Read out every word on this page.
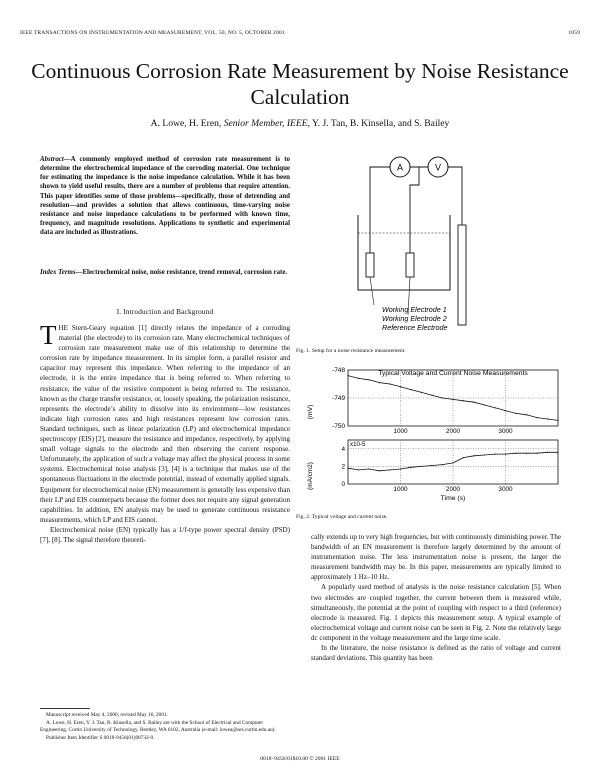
IEEE TRANSACTIONS ON INSTRUMENTATION AND MEASUREMENT, VOL. 50, NO. 5, OCTOBER 2001	1059
Continuous Corrosion Rate Measurement by Noise Resistance Calculation
A. Lowe, H. Eren, Senior Member, IEEE, Y. J. Tan, B. Kinsella, and S. Bailey
Abstract—A commonly employed method of corrosion rate measurement is to determine the electrochemical impedance of the corroding material. One technique for estimating the impedance is the noise impedance calculation. While it has been shown to yield useful results, there are a number of problems that require attention. This paper identifies some of those problems—specifically, those of detrending and resolution—and provides a solution that allows continuous, time-varying noise resistance and noise impedance calculations to be performed with known time, frequency, and magnitude resolutions. Applications to synthetic and experimental data are included as illustrations.
Index Terms—Electrochemical noise, noise resistance, trend removal, corrosion rate.
I. Introduction and Background

THE Stern-Geary equation [1] directly relates the impedance of a corroding material (the electrode) to its corrosion rate. Many electrochemical techniques of corrosion rate measurement make use of this relationship to determine the corrosion rate by impedance measurement. In its simpler form, a parallel resistor and capacitor may represent this impedance. When referring to the impedance of an electrode, it is the entire impedance that is being referred to. When referring to resistance, the value of the resistive component is being referred to. The resistance, known as the charge transfer resistance, or, loosely speaking, the polarization resistance, represents the electrode’s ability to dissolve into its environment—low resistances indicate high corrosion rates and high resistances represent low corrosion rates. Standard techniques, such as linear polarization (LP) and electrochemical impedance spectroscopy (EIS) [2], measure the resistance and impedance, respectively, by applying small voltage signals to the electrode and then observing the current response. Unfortunately, the application of such a voltage may affect the physical process in some systems. Electrochemical noise analysis [3], [4] is a technique that makes use of the spontaneous fluctuations in the electrode potential, instead of externally applied signals. Equipment for electrochemical noise (EN) measurement is generally less expensive than their LP and EIS counterparts because the former does not require any signal generation capabilities. In addition, EN analysis may be used to generate continuous resistance measurements, which LP and EIS cannot.

Electrochemical noise (EN) typically has a 1/f-type power spectral density (PSD) [7], [8]. The signal therefore theoreti-

Manuscript received May 4, 2000; revised May 16, 2001.

A. Lowe, H. Eren, Y. J. Tan, B. Kinsella, and S. Bailey are with the School of Electrical and Computer Engineering, Curtin University of Technology, Bentley, WA 6102, Australia (e-mail: lowea@ses.curtin.edu.au).

Publisher Item Identifier S 0018-9456(01)08732-0.

0018–9456/01$10.00 © 2001 IEEE
A	V
Working Electrode 1
Working Electrode 2
Reference Electrode
Fig. 1. Setup for a noise resistance measurement.
(mV)
(mA/cm2)
1000	2000	3000
-748
-749
-750
Typical Voltage and Current Noise Measurements
1000	2000	3000
4
2
0
x10-5
Time (s)
Fig. 2. Typical voltage and current noise.

cally extends up to very high frequencies, but with continuously diminishing power. The bandwidth of an EN measurement is therefore largely determined by the amount of instrumentation noise. The less instrumentation noise is present, the larger the measurement bandwidth may be. In this paper, measurements are typically limited to approximately 1 Hz–10 Hz.

A popularly used method of analysis is the noise resistance calculation [5]. When two electrodes are coupled together, the current between them is measured while, simultaneously, the potential at the point of coupling with respect to a third (reference) electrode is measured. Fig. 1 depicts this measurement setup. A typical example of electrochemical voltage and current noise can be seen in Fig. 2. Note the relatively large dc component in the voltage measurement and the large time scale.

In the literature, the noise resistance is defined as the ratio of voltage and current standard deviations. This quantity has been
